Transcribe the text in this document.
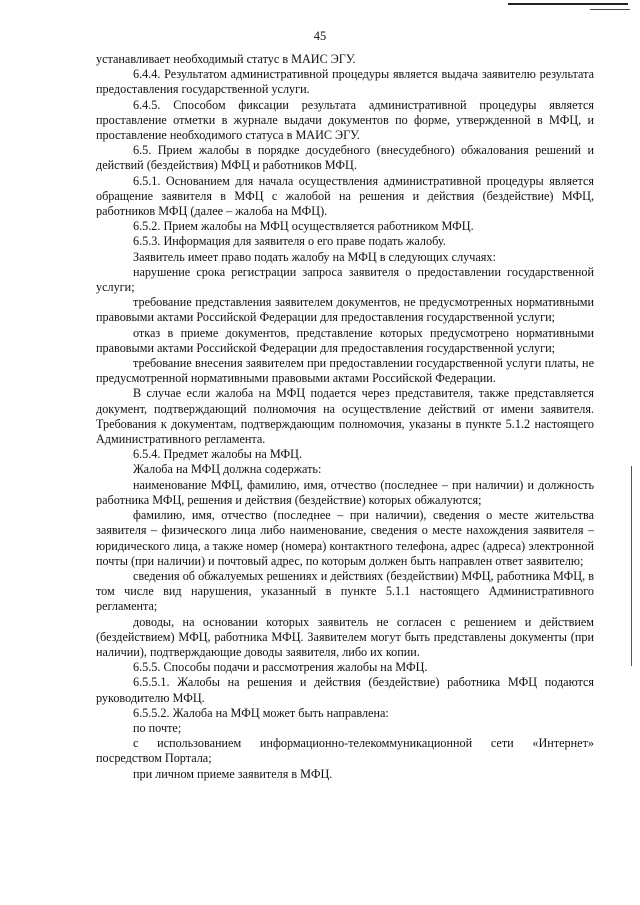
45

устанавливает необходимый статус в МАИС ЭГУ.

6.4.4. Результатом административной процедуры является выдача заявителю результата предоставления государственной услуги.

6.4.5. Способом фиксации результата административной процедуры является проставление отметки в журнале выдачи документов по форме, утвержденной в МФЦ, и проставление необходимого статуса в МАИС ЭГУ.

6.5. Прием жалобы в порядке досудебного (внесудебного) обжалования решений и действий (бездействия) МФЦ и работников МФЦ.

6.5.1. Основанием для начала осуществления административной процедуры является обращение заявителя в МФЦ с жалобой на решения и действия (бездействие) МФЦ, работников МФЦ (далее – жалоба на МФЦ).

6.5.2. Прием жалобы на МФЦ осуществляется работником МФЦ.

6.5.3. Информация для заявителя о его праве подать жалобу.

Заявитель имеет право подать жалобу на МФЦ в следующих случаях:

нарушение срока регистрации запроса заявителя о предоставлении государственной услуги;

требование представления заявителем документов, не предусмотренных нормативными правовыми актами Российской Федерации для предоставления государственной услуги;

отказ в приеме документов, представление которых предусмотрено нормативными правовыми актами Российской Федерации для предоставления государственной услуги;

требование внесения заявителем при предоставлении государственной услуги платы, не предусмотренной нормативными правовыми актами Российской Федерации.

В случае если жалоба на МФЦ подается через представителя, также представляется документ, подтверждающий полномочия на осуществление действий от имени заявителя. Требования к документам, подтверждающим полномочия, указаны в пункте 5.1.2 настоящего Административного регламента.

6.5.4. Предмет жалобы на МФЦ.

Жалоба на МФЦ должна содержать:

наименование МФЦ, фамилию, имя, отчество (последнее – при наличии) и должность работника МФЦ, решения и действия (бездействие) которых обжалуются;

фамилию, имя, отчество (последнее – при наличии), сведения о месте жительства заявителя – физического лица либо наименование, сведения о месте нахождения заявителя – юридического лица, а также номер (номера) контактного телефона, адрес (адреса) электронной почты (при наличии) и почтовый адрес, по которым должен быть направлен ответ заявителю;

сведения об обжалуемых решениях и действиях (бездействии) МФЦ, работника МФЦ, в том числе вид нарушения, указанный в пункте 5.1.1 настоящего Административного регламента;

доводы, на основании которых заявитель не согласен с решением и действием (бездействием) МФЦ, работника МФЦ. Заявителем могут быть представлены документы (при наличии), подтверждающие доводы заявителя, либо их копии.

6.5.5. Способы подачи и рассмотрения жалобы на МФЦ.

6.5.5.1. Жалобы на решения и действия (бездействие) работника МФЦ подаются руководителю МФЦ.

6.5.5.2. Жалоба на МФЦ может быть направлена:

по почте;

с использованием информационно-телекоммуникационной сети «Интернет» посредством Портала;

при личном приеме заявителя в МФЦ.
